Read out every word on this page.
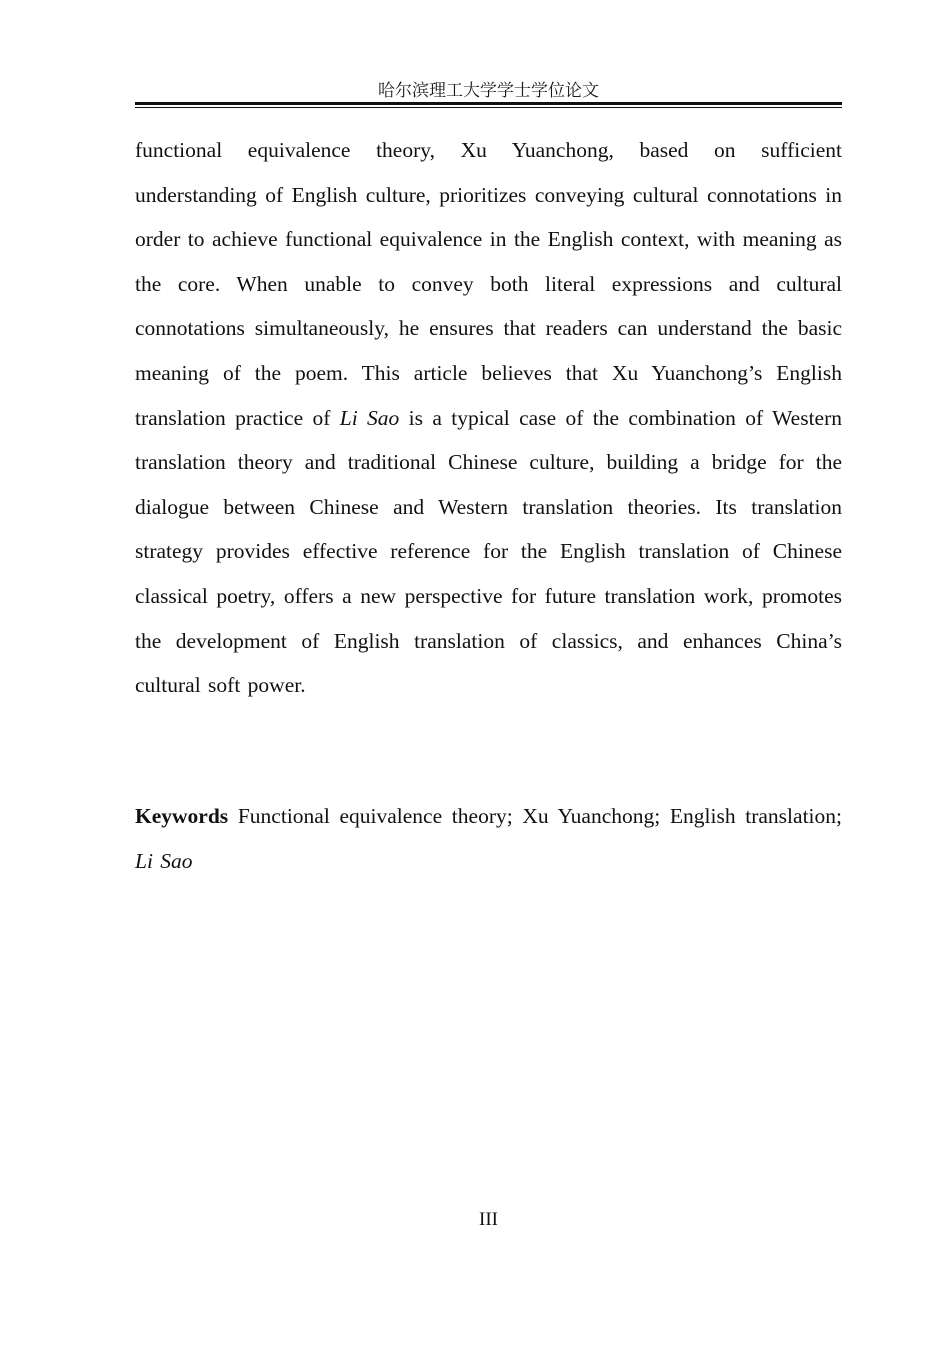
哈尔滨理工大学学士学位论文

functional equivalence theory, Xu Yuanchong, based on sufficient understanding of English culture, prioritizes conveying cultural connotations in order to achieve functional equivalence in the English context, with meaning as the core. When unable to convey both literal expressions and cultural connotations simultaneously, he ensures that readers can understand the basic meaning of the poem. This article believes that Xu Yuanchong’s English translation practice of Li Sao is a typical case of the combination of Western translation theory and traditional Chinese culture, building a bridge for the dialogue between Chinese and Western translation theories. Its translation strategy provides effective reference for the English translation of Chinese classical poetry, offers a new perspective for future translation work, promotes the development of English translation of classics, and enhances China’s cultural soft power.

Keywords Functional equivalence theory; Xu Yuanchong; English translation; Li Sao

III
